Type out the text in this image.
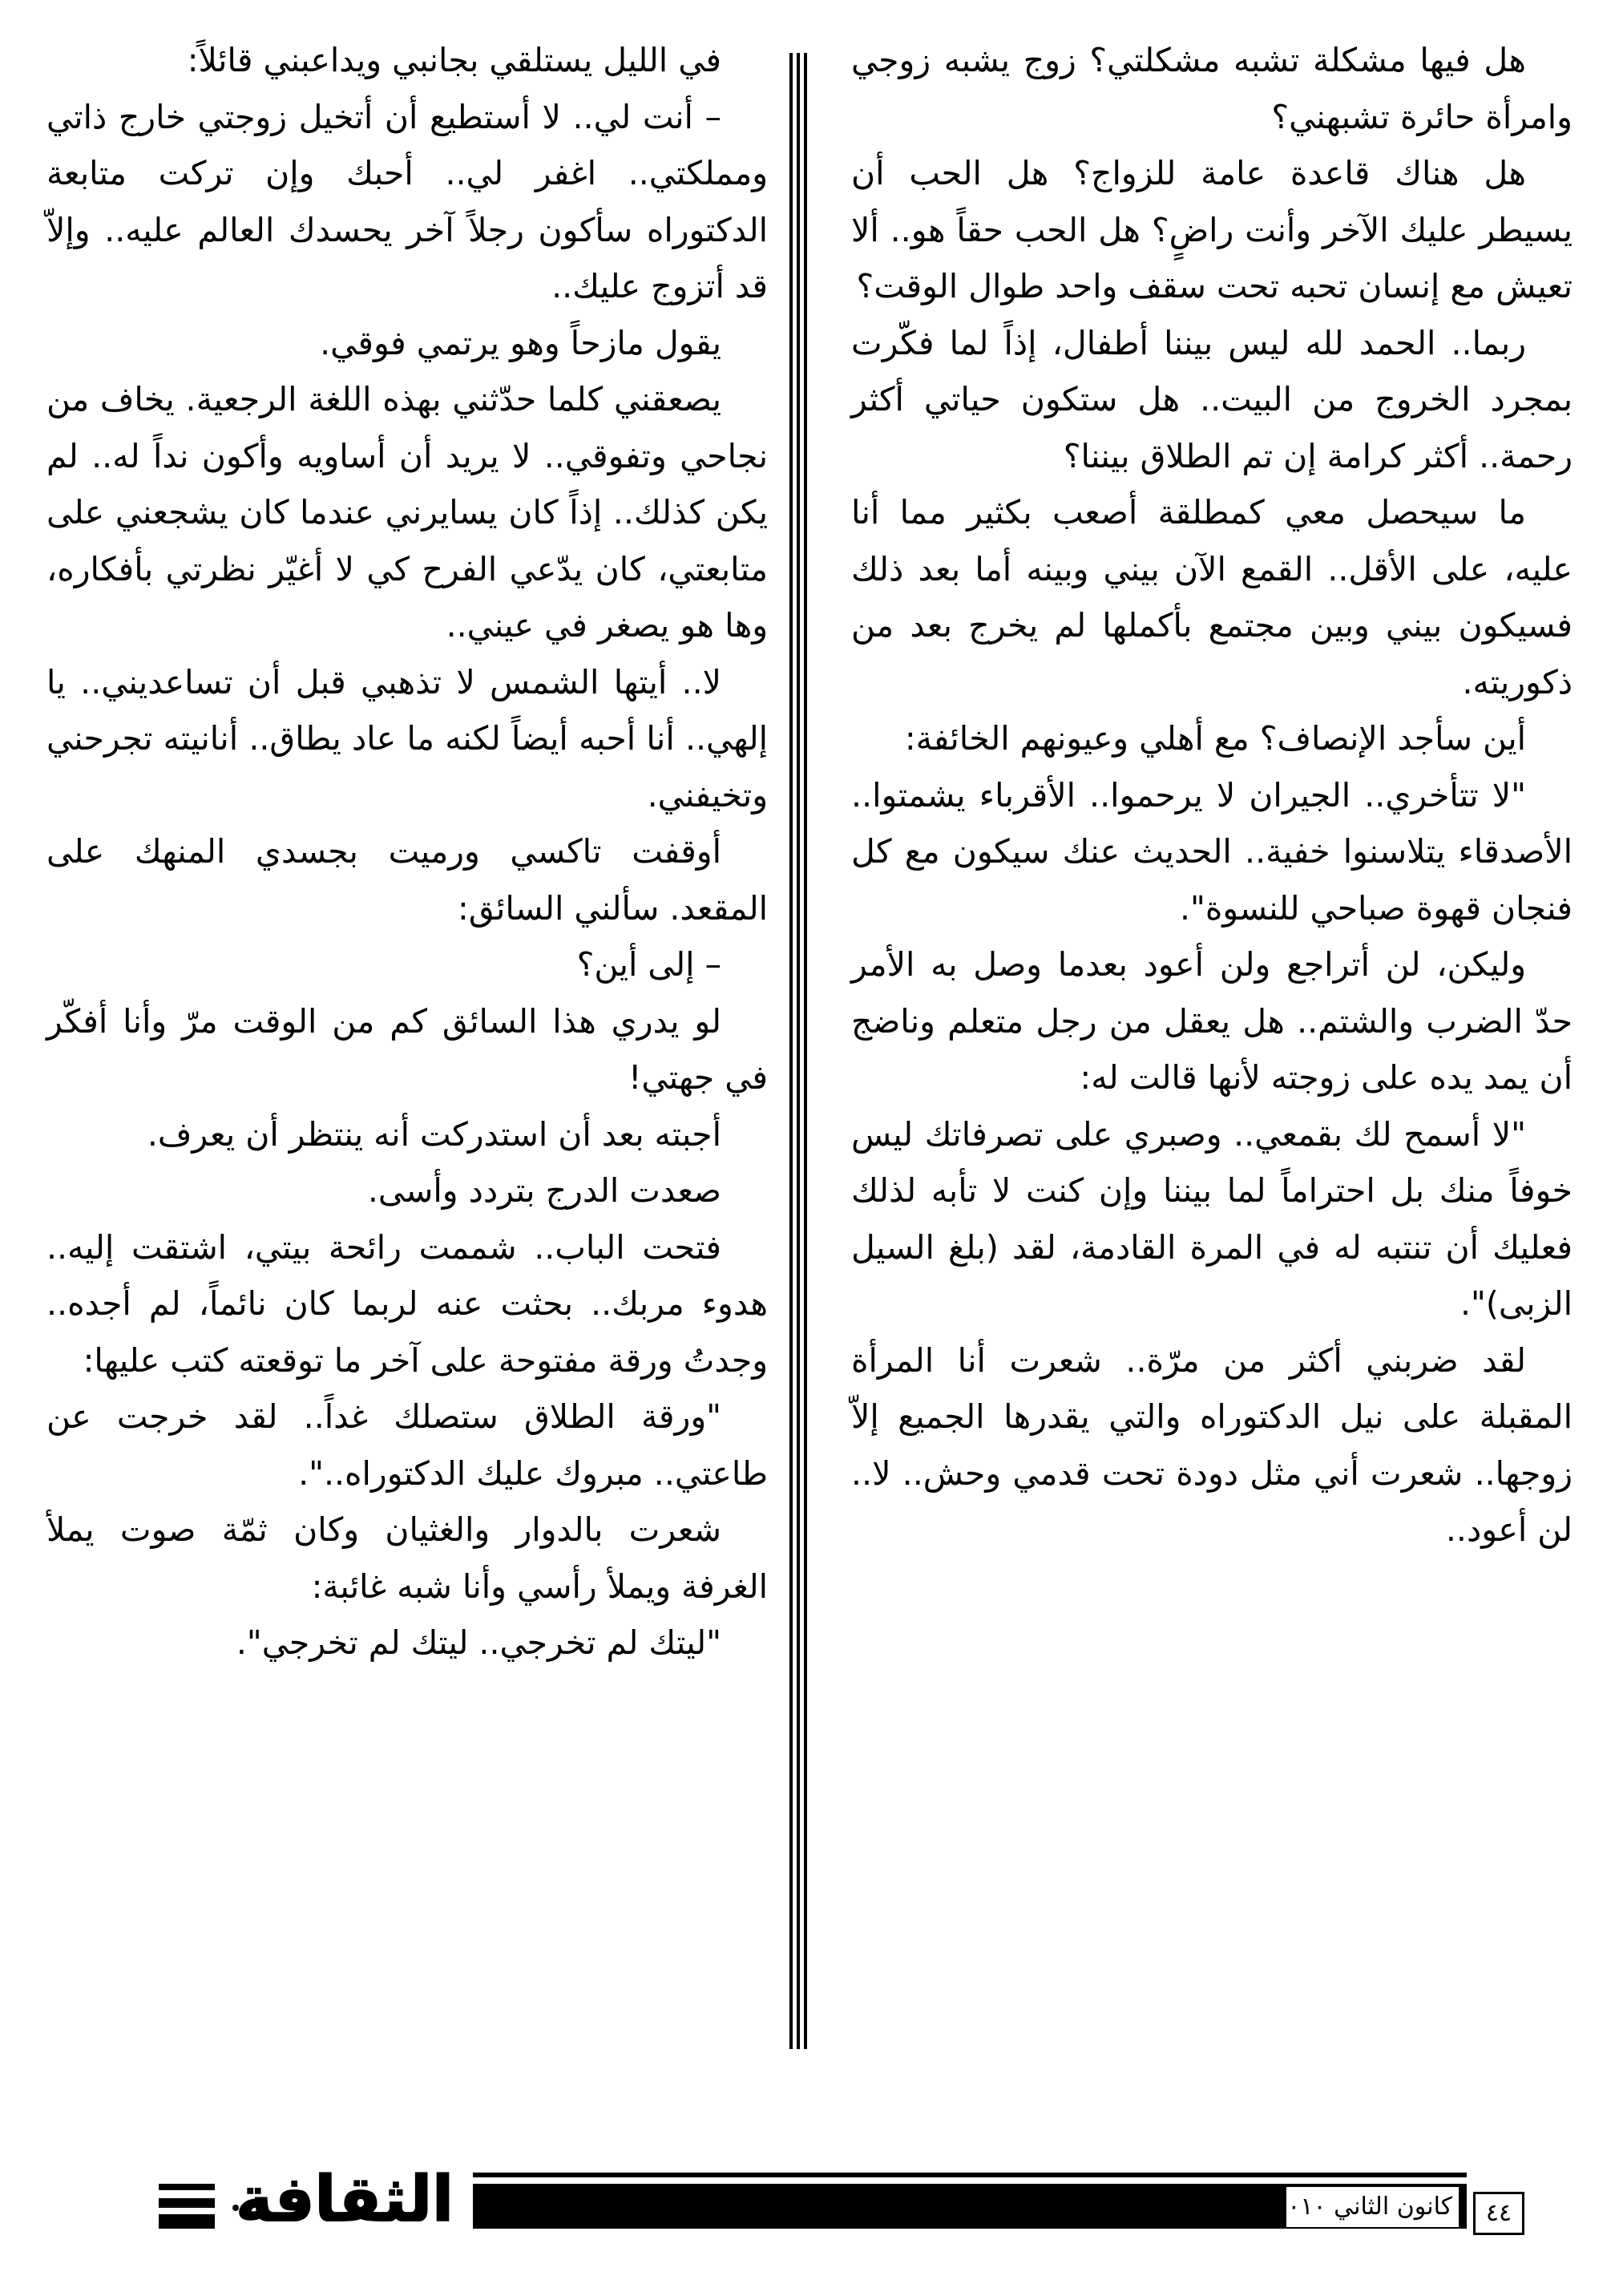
هل فيها مشكلة تشبه مشكلتي؟ زوج يشبه زوجي وامرأة حائرة تشبهني؟

هل هناك قاعدة عامة للزواج؟ هل الحب أن يسيطر عليك الآخر وأنت راضٍ؟ هل الحب حقاً هو.. ألا تعيش مع إنسان تحبه تحت سقف واحد طوال الوقت؟

ربما.. الحمد لله ليس بيننا أطفال، إذاً لما فكّرت بمجرد الخروج من البيت.. هل ستكون حياتي أكثر رحمة.. أكثر كرامة إن تم الطلاق بيننا؟

ما سيحصل معي كمطلقة أصعب بكثير مما أنا عليه، على الأقل.. القمع الآن بيني وبينه أما بعد ذلك فسيكون بيني وبين مجتمع بأكملها لم يخرج بعد من ذكوريته.

أين سأجد الإنصاف؟ مع أهلي وعيونهم الخائفة:

"لا تتأخري.. الجيران لا يرحموا.. الأقرباء يشمتوا.. الأصدقاء يتلاسنوا خفية.. الحديث عنك سيكون مع كل فنجان قهوة صباحي للنسوة".

وليكن، لن أتراجع ولن أعود بعدما وصل به الأمر حدّ الضرب والشتم.. هل يعقل من رجل متعلم وناضج أن يمد يده على زوجته لأنها قالت له:

"لا أسمح لك بقمعي.. وصبري على تصرفاتك ليس خوفاً منك بل احتراماً لما بيننا وإن كنت لا تأبه لذلك فعليك أن تنتبه له في المرة القادمة، لقد (بلغ السيل الزبى)".

لقد ضربني أكثر من مرّة.. شعرت أنا المرأة المقبلة على نيل الدكتوراه والتي يقدرها الجميع إلاّ زوجها.. شعرت أني مثل دودة تحت قدمي وحش.. لا.. لن أعود..

في الليل يستلقي بجانبي ويداعبني قائلاً:

– أنت لي.. لا أستطيع أن أتخيل زوجتي خارج ذاتي ومملكتي.. اغفر لي.. أحبك وإن تركت متابعة الدكتوراه سأكون رجلاً آخر يحسدك العالم عليه.. وإلاّ قد أتزوج عليك..

يقول مازحاً وهو يرتمي فوقي.

يصعقني كلما حدّثني بهذه اللغة الرجعية. يخاف من نجاحي وتفوقي.. لا يريد أن أساويه وأكون نداً له.. لم يكن كذلك.. إذاً كان يسايرني عندما كان يشجعني على متابعتي، كان يدّعي الفرح كي لا أغيّر نظرتي بأفكاره، وها هو يصغر في عيني..

لا.. أيتها الشمس لا تذهبي قبل أن تساعديني.. يا إلهي.. أنا أحبه أيضاً لكنه ما عاد يطاق.. أنانيته تجرحني وتخيفني.

أوقفت تاكسي ورميت بجسدي المنهك على المقعد. سألني السائق:

– إلى أين؟

لو يدري هذا السائق كم من الوقت مرّ وأنا أفكّر في جهتي!

أجبته بعد أن استدركت أنه ينتظر أن يعرف.

صعدت الدرج بتردد وأسى.

فتحت الباب.. شممت رائحة بيتي، اشتقت إليه.. هدوء مربك.. بحثت عنه لربما كان نائماً، لم أجده.. وجدتُ ورقة مفتوحة على آخر ما توقعته كتب عليها:

"ورقة الطلاق ستصلك غداً.. لقد خرجت عن طاعتي.. مبروك عليك الدكتوراه..".

شعرت بالدوار والغثيان وكان ثمّة صوت يملأ الغرفة ويملأ رأسي وأنا شبه غائبة:

"ليتك لم تخرجي.. ليتك لم تخرجي".

الثقافة	كانون الثاني ٢٠١٠م	٤٤
